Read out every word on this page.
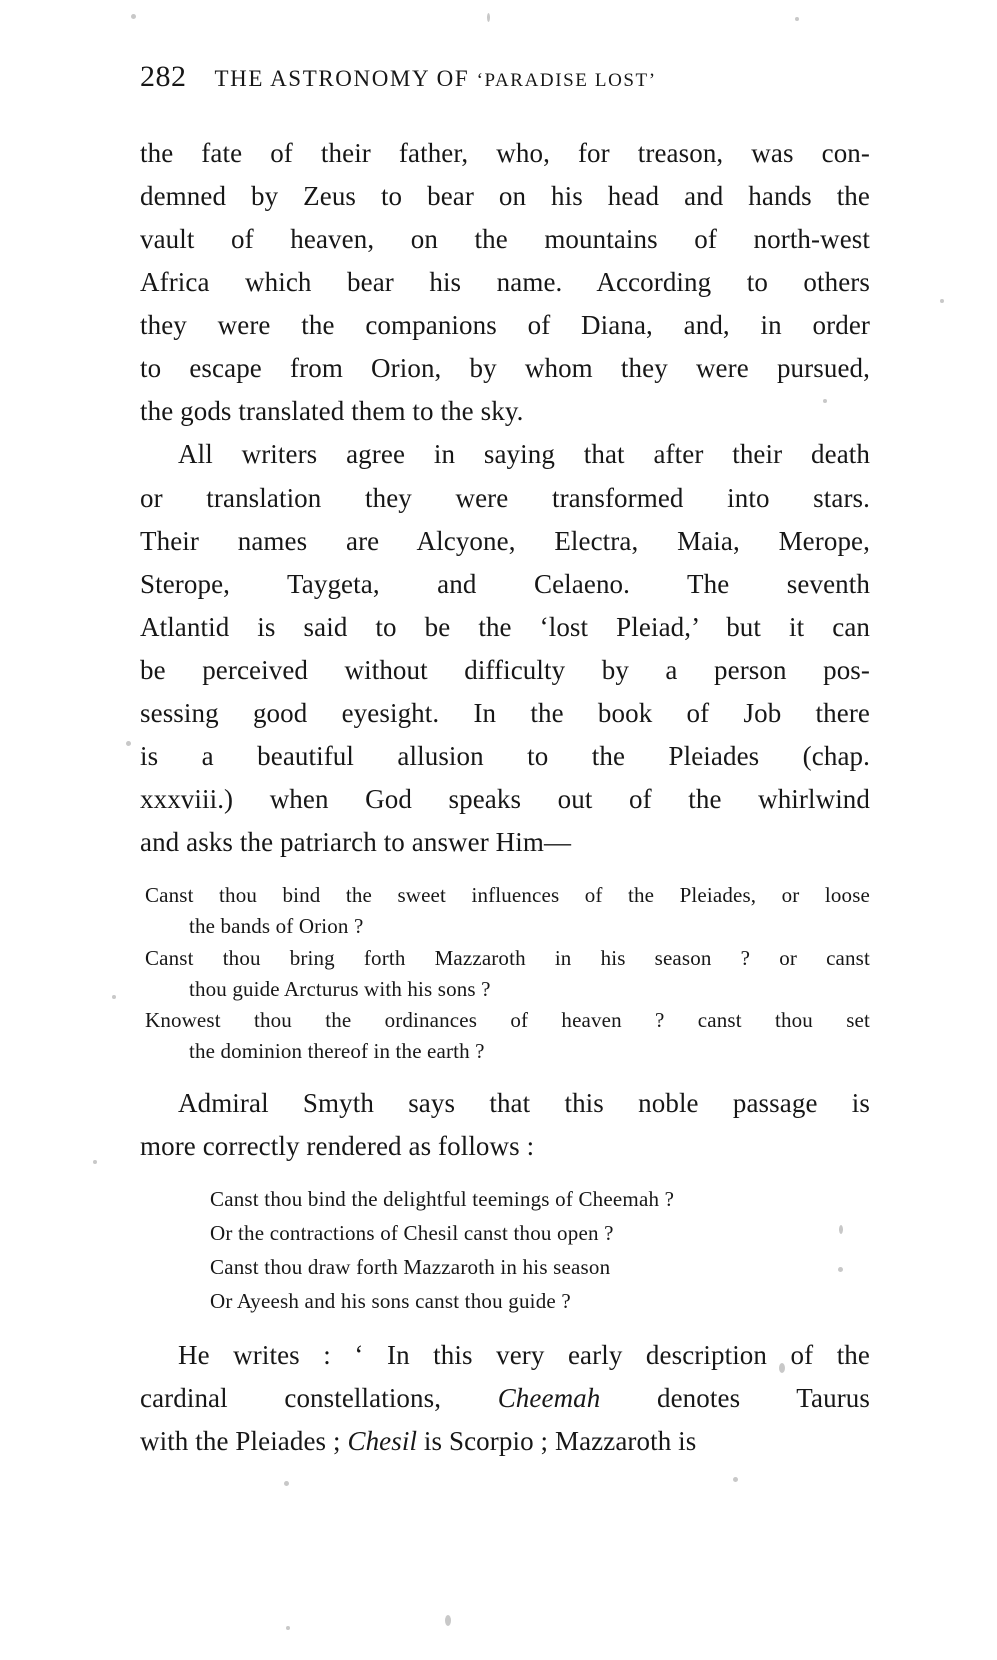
282 THE ASTRONOMY OF ‘PARADISE LOST’

the fate of their father, who, for treason, was con-
demned by Zeus to bear on his head and hands the
vault of heaven, on the mountains of north-west
Africa which bear his name. According to others
they were the companions of Diana, and, in order
to escape from Orion, by whom they were pursued,
the gods translated them to the sky.

All writers agree in saying that after their death
or translation they were transformed into stars.
Their names are Alcyone, Electra, Maia, Merope,
Sterope, Taygeta, and Celaeno. The seventh
Atlantid is said to be the ‘lost Pleiad,’ but it can
be perceived without difficulty by a person pos-
sessing good eyesight. In the book of Job there
is a beautiful allusion to the Pleiades (chap.
xxxviii.) when God speaks out of the whirlwind
and asks the patriarch to answer Him—

Canst thou bind the sweet influences of the Pleiades, or loose
the bands of Orion ?
Canst thou bring forth Mazzaroth in his season ? or canst
thou guide Arcturus with his sons ?
Knowest thou the ordinances of heaven ? canst thou set
the dominion thereof in the earth ?

Admiral Smyth says that this noble passage is
more correctly rendered as follows :

Canst thou bind the delightful teemings of Cheemah ?
Or the contractions of Chesil canst thou open ?
Canst thou draw forth Mazzaroth in his season
Or Ayeesh and his sons canst thou guide ?

He writes : ‘ In this very early description of the
cardinal constellations, Cheemah denotes Taurus
with the Pleiades ; Chesil is Scorpio ; Mazzaroth is
